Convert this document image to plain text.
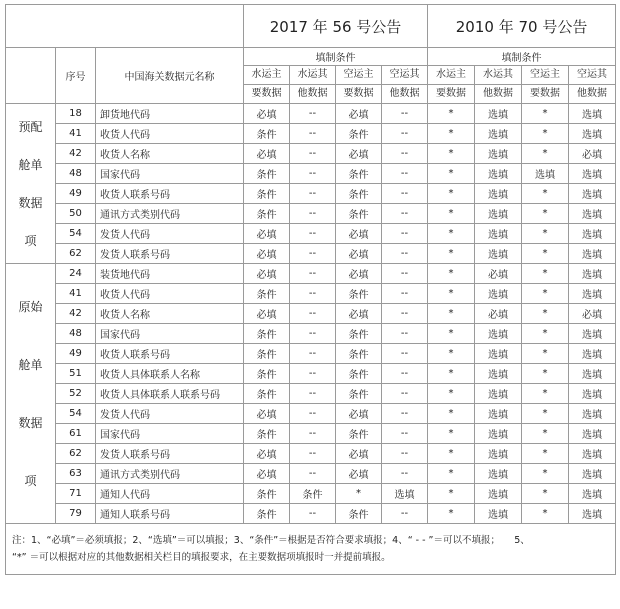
			2017 年 56 号公告				2010 年 70 号公告			
	序号	中国海关数据元名称	填制条件				填制条件			
			水运主	水运其	空运主	空运其	水运主	水运其	空运主	空运其
			要数据	他数据	要数据	他数据	要数据	他数据	要数据	他数据

预配
舱单
数据
项	18	卸货地代码	必填	--	必填	--	*	选填	*	选填
	41	收货人代码	条件	--	条件	--	*	选填	*	选填
	42	收货人名称	必填	--	必填	--	*	选填	*	必填
	48	国家代码	条件	--	条件	--	*	选填	选填	选填
	49	收货人联系号码	条件	--	条件	--	*	选填	*	选填
	50	通讯方式类别代码	条件	--	条件	--	*	选填	*	选填
	54	发货人代码	必填	--	必填	--	*	选填	*	选填
	62	发货人联系号码	必填	--	必填	--	*	选填	*	选填

原始
舱单
数据
项	24	装货地代码	必填	--	必填	--	*	必填	*	选填
	41	收货人代码	条件	--	条件	--	*	选填	*	选填
	42	收货人名称	必填	--	必填	--	*	必填	*	必填
	48	国家代码	条件	--	条件	--	*	选填	*	选填
	49	收货人联系号码	条件	--	条件	--	*	选填	*	选填
	51	收货人具体联系人名称	条件	--	条件	--	*	选填	*	选填
	52	收货人具体联系人联系号码	条件	--	条件	--	*	选填	*	选填
	54	发货人代码	必填	--	必填	--	*	选填	*	选填
	61	国家代码	条件	--	条件	--	*	选填	*	选填
	62	发货人联系号码	必填	--	必填	--	*	选填	*	选填
	63	通讯方式类别代码	必填	--	必填	--	*	选填	*	选填
	71	通知人代码	条件	条件	*	选填	*	选填	*	选填
	79	通知人联系号码	条件	--	条件	--	*	选填	*	选填

注：1、“必填”＝必须填报；2、“选填”＝可以填报；3、“条件”＝根据是否符合要求填报；4、“ - - ”＝可以不填报；　　5、

“*” ＝可以根据对应的其他数据相关栏目的填报要求，在主要数据项填报时一并提前填报。										
